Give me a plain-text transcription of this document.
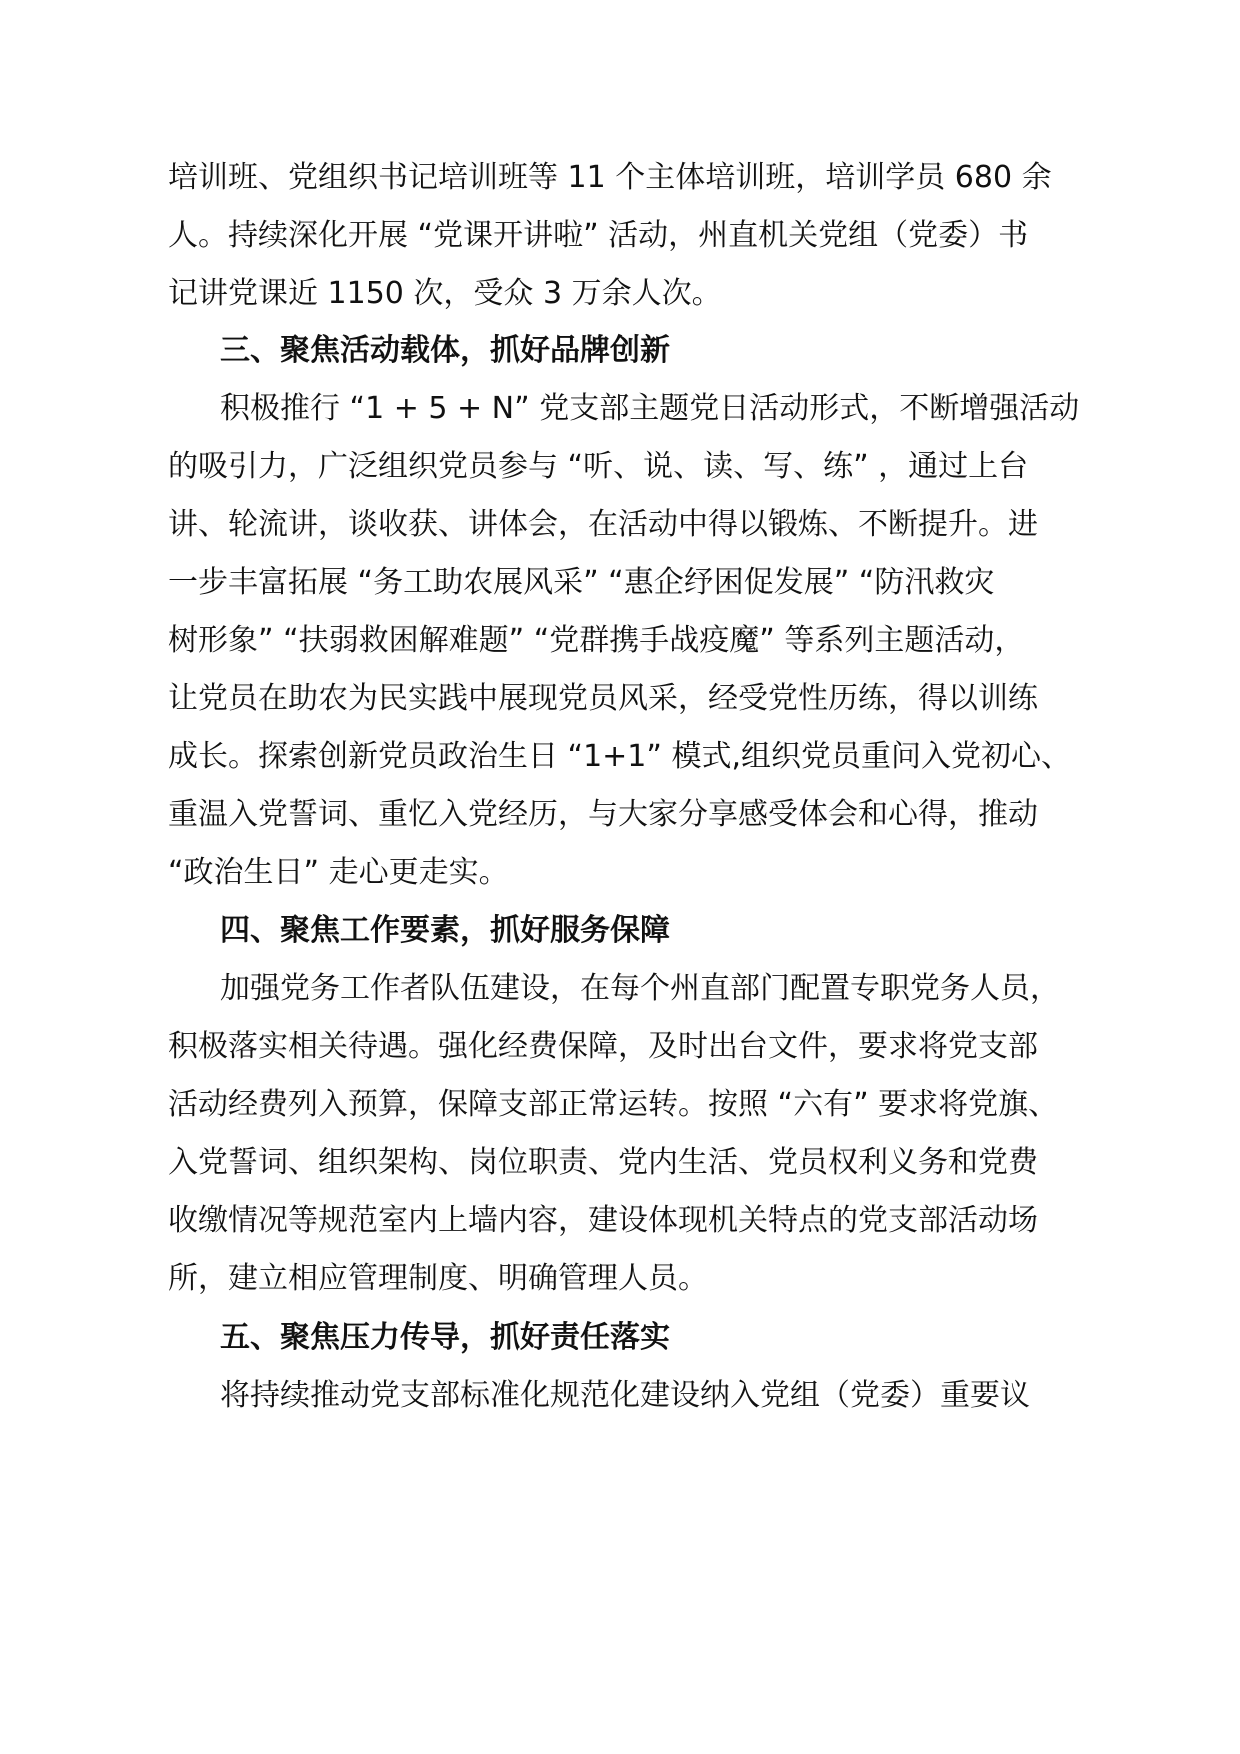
培训班、党组织书记培训班等 11 个主体培训班，培训学员 680 余
人。持续深化开展 “党课开讲啦” 活动，州直机关党组（党委）书
记讲党课近 1150 次，受众 3 万余人次。
三、聚焦活动载体，抓好品牌创新
积极推行 “1 + 5 + N” 党支部主题党日活动形式，不断增强活动
的吸引力，广泛组织党员参与 “听、说、读、写、练” ，通过上台
讲、轮流讲，谈收获、讲体会，在活动中得以锻炼、不断提升。进
一步丰富拓展 “务工助农展风采” “惠企纾困促发展” “防汛救灾
树形象” “扶弱救困解难题” “党群携手战疫魔” 等系列主题活动，
让党员在助农为民实践中展现党员风采，经受党性历练，得以训练
成长。探索创新党员政治生日 “1+1” 模式,组织党员重问入党初心、
重温入党誓词、重忆入党经历，与大家分享感受体会和心得，推动
“政治生日” 走心更走实。
四、聚焦工作要素，抓好服务保障
加强党务工作者队伍建设，在每个州直部门配置专职党务人员，
积极落实相关待遇。强化经费保障，及时出台文件，要求将党支部
活动经费列入预算，保障支部正常运转。按照 “六有” 要求将党旗、
入党誓词、组织架构、岗位职责、党内生活、党员权利义务和党费
收缴情况等规范室内上墙内容，建设体现机关特点的党支部活动场
所，建立相应管理制度、明确管理人员。
五、聚焦压力传导，抓好责任落实
将持续推动党支部标准化规范化建设纳入党组（党委）重要议
